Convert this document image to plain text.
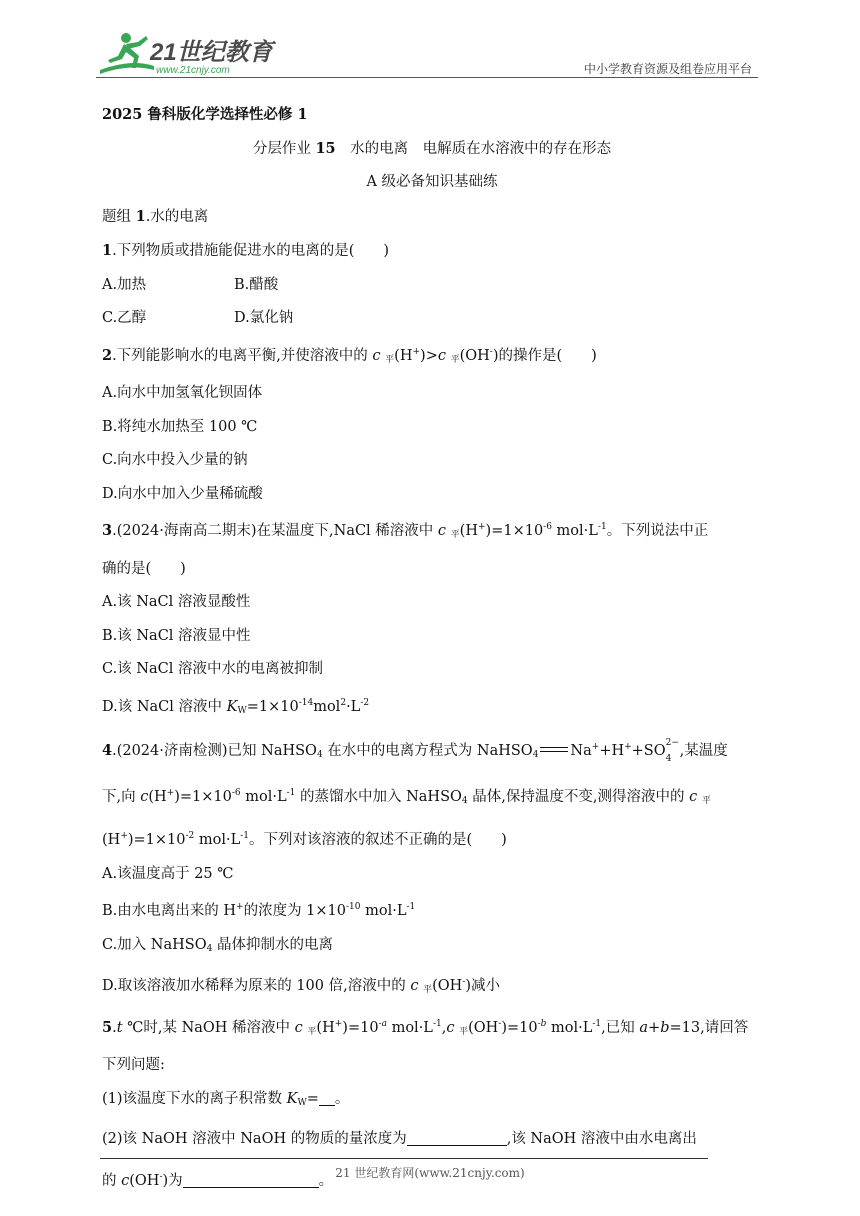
21世纪教育
www.21cnjy.com	中小学教育资源及组卷应用平台
2025 鲁科版化学选择性必修 1
分层作业 15　水的电离　电解质在水溶液中的存在形态
A 级必备知识基础练
题组 1.水的电离
1.下列物质或措施能促进水的电离的是(　　)
A.加热	B.醋酸
C.乙醇	D.氯化钠
2.下列能影响水的电离平衡,并使溶液中的 c $_平$(H+)>c $_平$(OH-)的操作是(　　)
A.向水中加氢氧化钡固体
B.将纯水加热至 100 ℃
C.向水中投入少量的钠
D.向水中加入少量稀硫酸
3.(2024·海南高二期末)在某温度下,NaCl 稀溶液中 c $_平(H^+)=1\times 10^{-6}$ $mol\cdot L^{-1}$。下列说法中正
确的是(　　)
A.该 NaCl 溶液显酸性
B.该 NaCl 溶液显中性
C.该 NaCl 溶液中水的电离被抑制
D.该 NaCl 溶液中 $K_W=1\times 10^{-14}mol^2\cdot L^{-2}$
4.(2024·济南检测)已知 NaHSO$_4$ 在水中的电离方程式为 NaHSO$_4$ Na++H++SO 2−
4 ,某温度
下,向 $c(H^+)=1\times 10^{-6}$ $mol\cdot L^{-1}$ 的蒸馏水中加入 NaHSO$_4$ 晶体,保持温度不变,测得溶液中的 c $_平$
$(H^+)=1\times 10^{-2}$ $mol\cdot L^{-1}$。下列对该溶液的叙述不正确的是(　　)
A.该温度高于 25 ℃
B.由水电离出来的 H+的浓度为 $1\times 10^{-10}$ $mol\cdot L^{-1}$
C.加入 NaHSO$_4$ 晶体抑制水的电离
D.取该溶液加水稀释为原来的 100 倍,溶液中的 c $_平$(OH-)减小
5.t ℃时,某 NaOH 稀溶液中 c $_平(H^+)=10^{-a}$ $mol\cdot L^{-1},c$ $_平(OH^-)=10^{-b}$ $mol\cdot L^{-1}$,已知 a+b=13,请回答
下列问题:
(1)该温度下水的离子积常数 $K_W=$ 。
(2)该 NaOH 溶液中 NaOH 的物质的量浓度为	,该 NaOH 溶液中由水电离出
的 c(OH-)为	。 21 世纪教育网(www.21cnjy.com)
